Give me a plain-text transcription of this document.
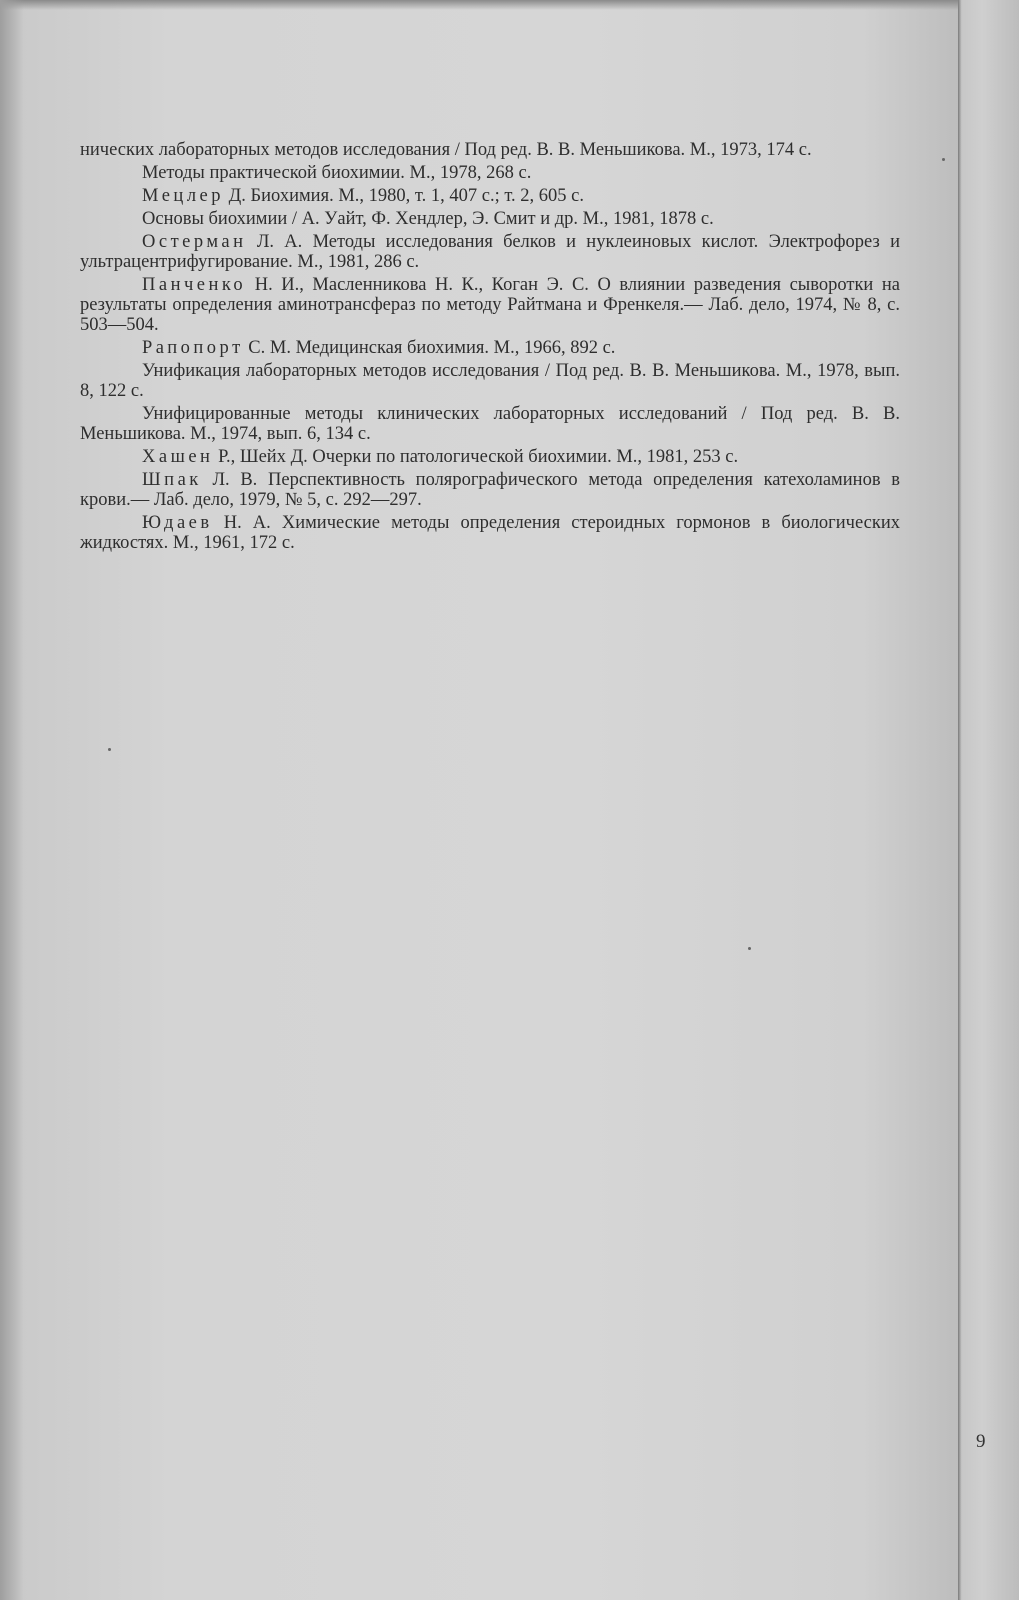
нических лабораторных методов исследования / Под ред. В. В. Меньшикова. М., 1973, 174 с.

Методы практической биохимии. М., 1978, 268 с.

Мецлер Д. Биохимия. М., 1980, т. 1, 407 с.; т. 2, 605 с.

Основы биохимии / А. Уайт, Ф. Хендлер, Э. Смит и др. М., 1981, 1878 с.

Остерман Л. А. Методы исследования белков и нуклеиновых кислот. Электрофорез и ультрацентрифугирование. М., 1981, 286 с.

Панченко Н. И., Масленникова Н. К., Коган Э. С. О влиянии разведения сыворотки на результаты определения аминотрансфераз по методу Райтмана и Френкеля.— Лаб. дело, 1974, № 8, с. 503—504.

Рапопорт С. М. Медицинская биохимия. М., 1966, 892 с.

Унификация лабораторных методов исследования / Под ред. В. В. Меньшикова. М., 1978, вып. 8, 122 с.

Унифицированные методы клинических лабораторных исследований / Под ред. В. В. Меньшикова. М., 1974, вып. 6, 134 с.

Хашен Р., Шейх Д. Очерки по патологической биохимии. М., 1981, 253 с.

Шпак Л. В. Перспективность полярографического метода определения катехоламинов в крови.— Лаб. дело, 1979, № 5, с. 292—297.

Юдаев Н. А. Химические методы определения стероидных гормонов в биологических жидкостях. М., 1961, 172 с.

9
